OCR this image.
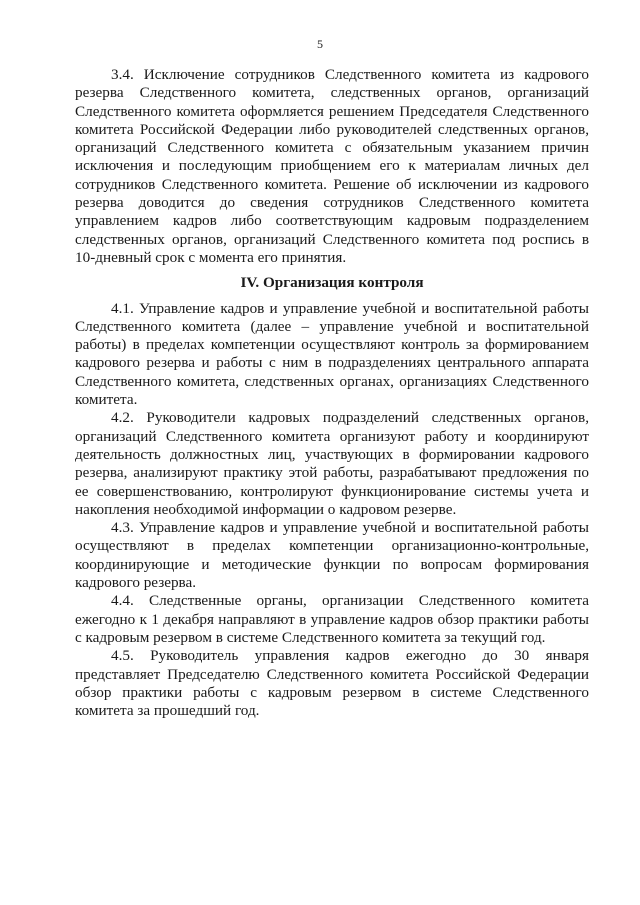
5

3.4. Исключение сотрудников Следственного комитета из кадрового резерва Следственного комитета, следственных органов, организаций Следственного комитета оформляется решением Председателя Следственного комитета Российской Федерации либо руководителей следственных органов, организаций Следственного комитета с обязательным указанием причин исключения и последующим приобщением его к материалам личных дел сотрудников Следственного комитета. Решение об исключении из кадрового резерва доводится до сведения сотрудников Следственного комитета управлением кадров либо соответствующим кадровым подразделением следственных органов, организаций Следственного комитета под роспись в 10-дневный срок с момента его принятия.

IV. Организация контроля

4.1. Управление кадров и управление учебной и воспитательной работы Следственного комитета (далее – управление учебной и воспитательной работы) в пределах компетенции осуществляют контроль за формированием кадрового резерва и работы с ним в подразделениях центрального аппарата Следственного комитета, следственных органах, организациях Следственного комитета.

4.2. Руководители кадровых подразделений следственных органов, организаций Следственного комитета организуют работу и координируют деятельность должностных лиц, участвующих в формировании кадрового резерва, анализируют практику этой работы, разрабатывают предложения по ее совершенствованию, контролируют функционирование системы учета и накопления необходимой информации о кадровом резерве.

4.3. Управление кадров и управление учебной и воспитательной работы осуществляют в пределах компетенции организационно-контрольные, координирующие и методические функции по вопросам формирования кадрового резерва.

4.4. Следственные органы, организации Следственного комитета ежегодно к 1 декабря направляют в управление кадров обзор практики работы с кадровым резервом в системе Следственного комитета за текущий год.

4.5. Руководитель управления кадров ежегодно до 30 января представляет Председателю Следственного комитета Российской Федерации обзор практики работы с кадровым резервом в системе Следственного комитета за прошедший год.
